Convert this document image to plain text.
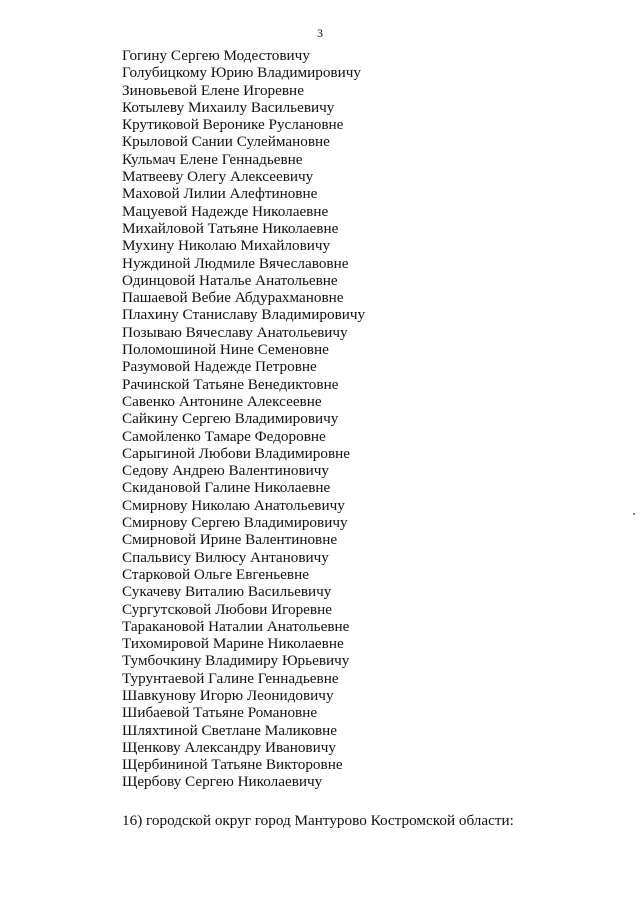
3
Гогину Сергею Модестовичу
Голубицкому Юрию Владимировичу
Зиновьевой Елене Игоревне
Котылеву Михаилу Васильевичу
Крутиковой Веронике Руслановне
Крыловой Сании Сулеймановне
Кульмач Елене Геннадьевне
Матвееву Олегу Алексеевичу
Маховой Лилии Алефтиновне
Мацуевой Надежде Николаевне
Михайловой Татьяне Николаевне
Мухину Николаю Михайловичу
Нуждиной Людмиле Вячеславовне
Одинцовой Наталье Анатольевне
Пашаевой Вебие Абдурахмановне
Плахину Станиславу Владимировичу
Позываю Вячеславу Анатольевичу
Поломошиной Нине Семеновне
Разумовой Надежде Петровне
Рачинской Татьяне Венедиктовне
Савенко Антонине Алексеевне
Сайкину Сергею Владимировичу
Самойленко Тамаре Федоровне
Сарыгиной Любови Владимировне
Седову Андрею Валентиновичу
Скидановой Галине Николаевне
Смирнову Николаю Анатольевичу
Смирнову Сергею Владимировичу
Смирновой Ирине Валентиновне
Спальвису Вилюсу Антановичу
Старковой Ольге Евгеньевне
Сукачеву Виталию Васильевичу
Сургутсковой Любови Игоревне
Таракановой Наталии Анатольевне
Тихомировой Марине Николаевне
Тумбочкину Владимиру Юрьевичу
Турунтаевой Галине Геннадьевне
Шавкунову Игорю Леонидовичу
Шибаевой Татьяне Романовне
Шляхтиной Светлане Маликовне
Щенкову Александру Ивановичу
Щербининой Татьяне Викторовне
Щербову Сергею Николаевичу
16) городской округ город Мантурово Костромской области:
